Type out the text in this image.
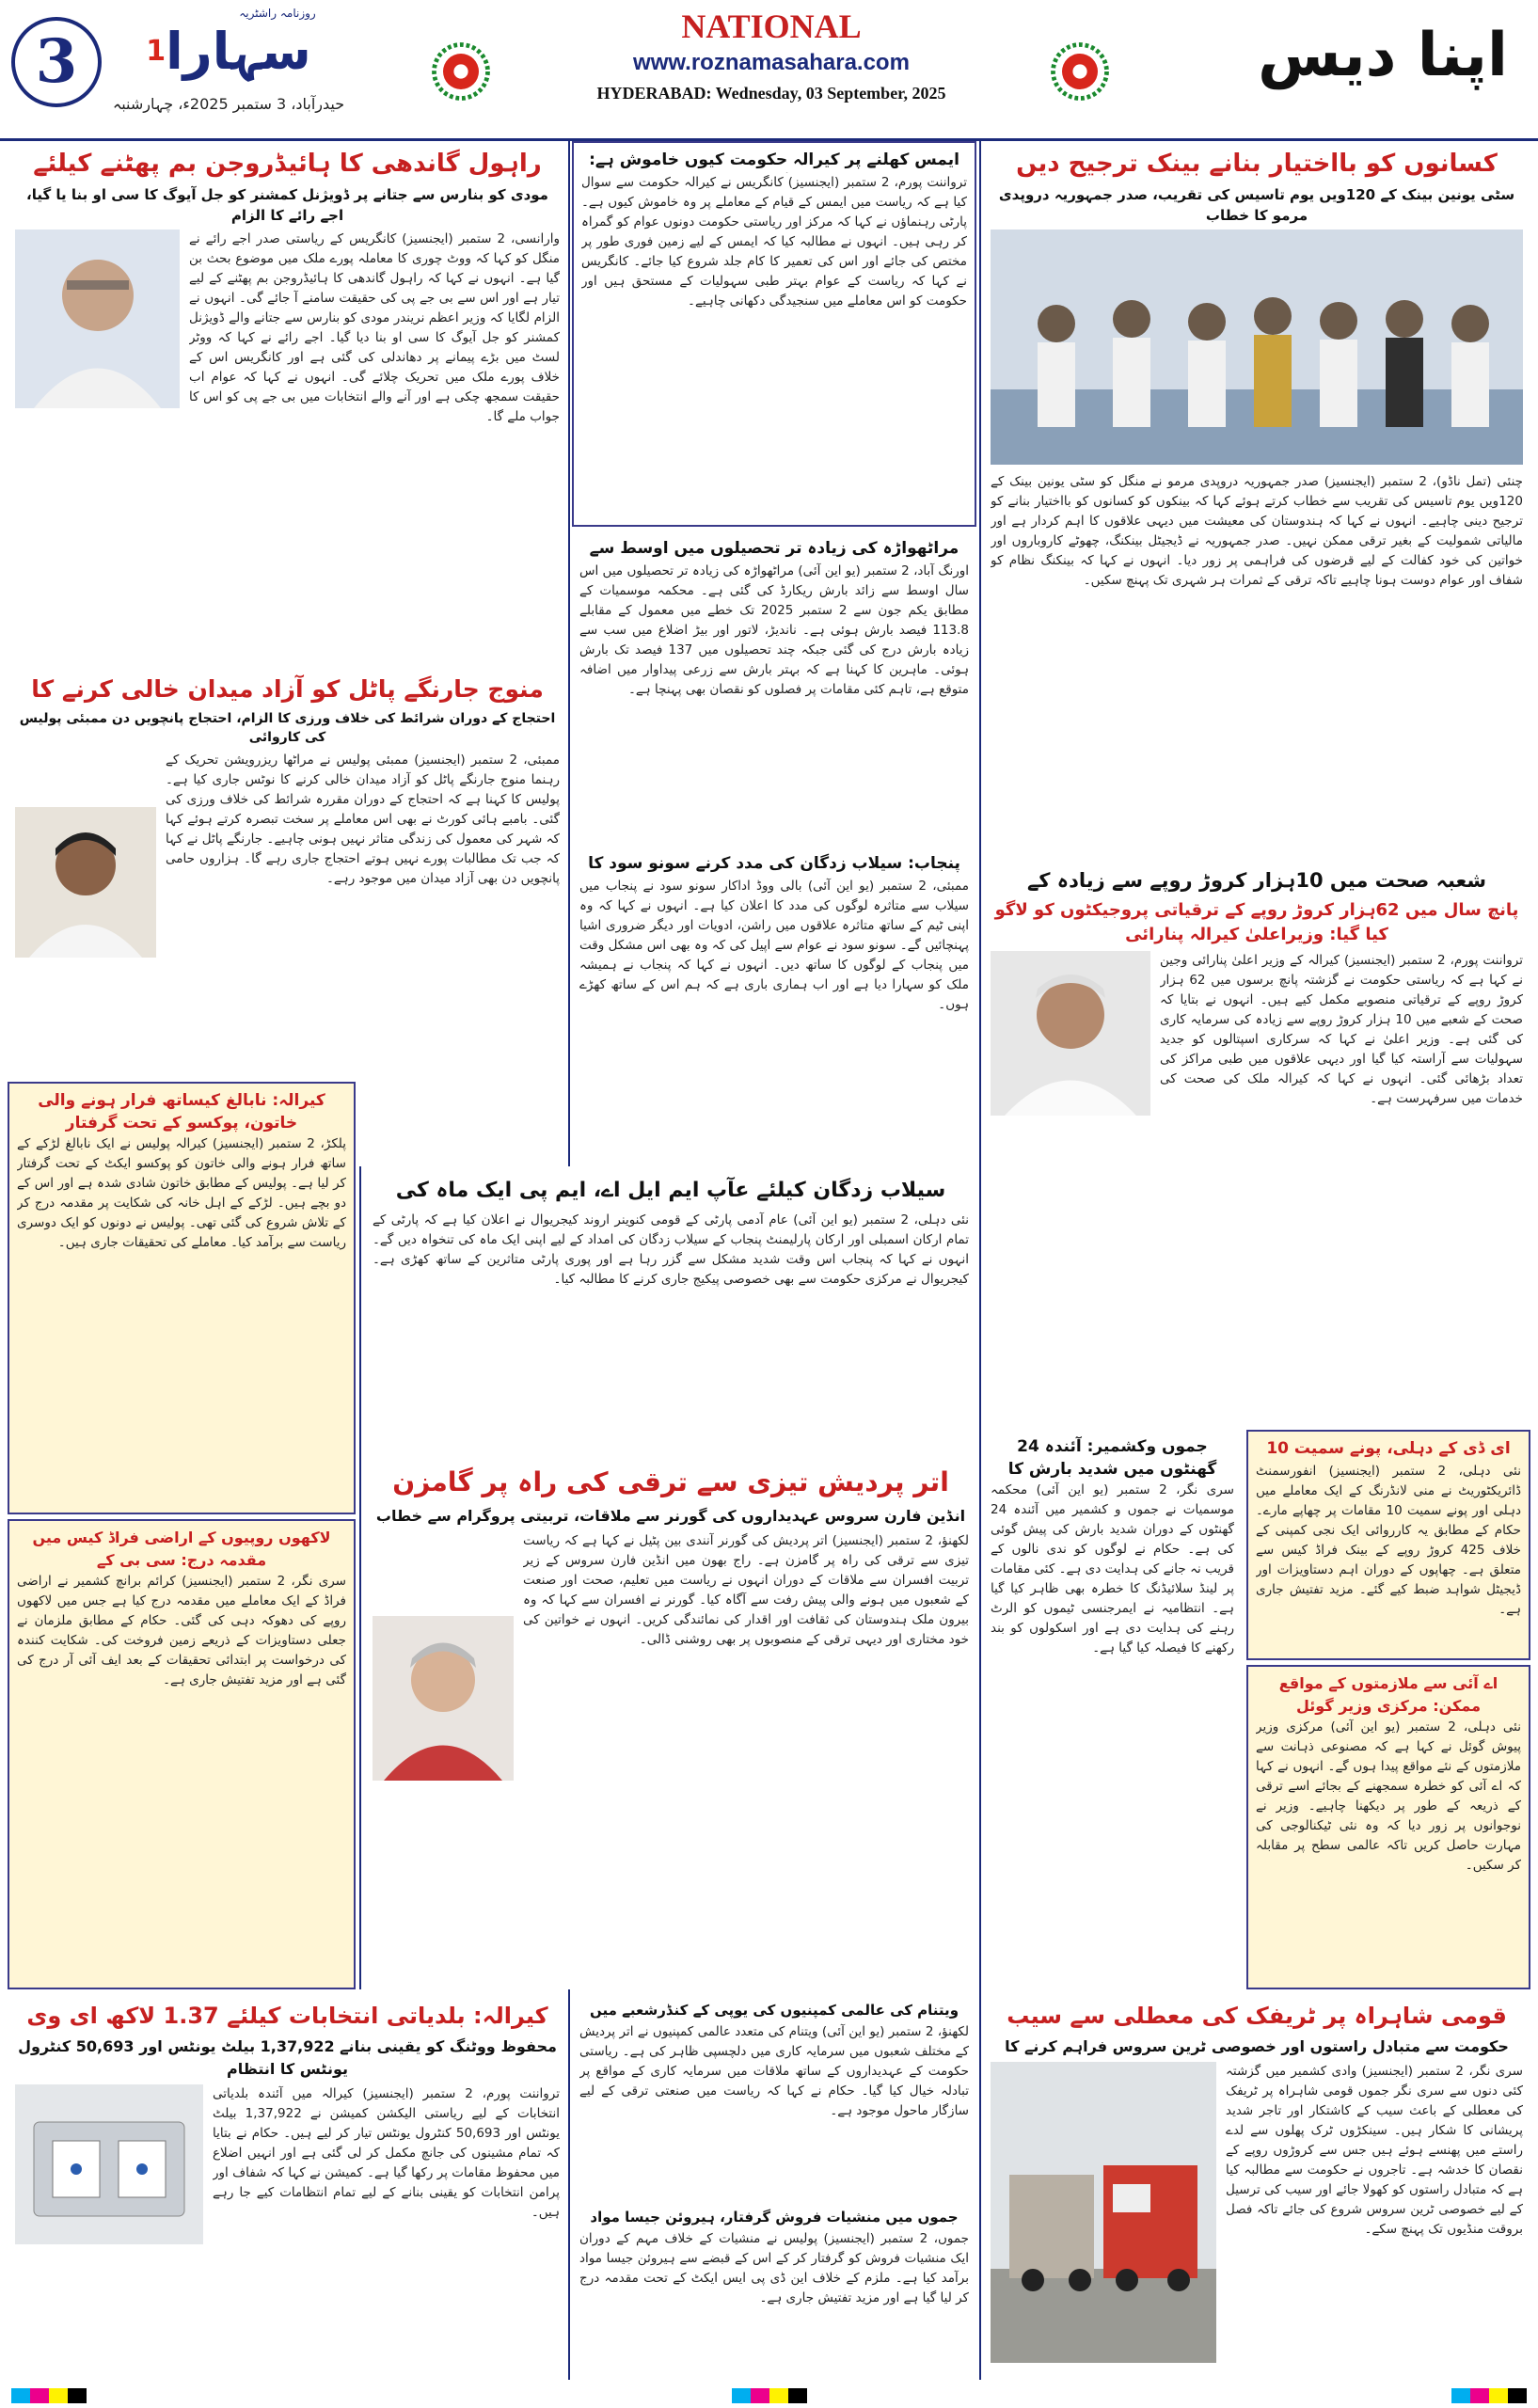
3	سہارا$^1$
روزنامہ راشٹریہ
حیدرآباد، 3 ستمبر 2025ء، چہارشنبہ
NATIONAL
www.roznamasahara.com
HYDERABAD: Wednesday, 03 September, 2025
اپنا دیس
راہول گاندھی کا ہائیڈروجن بم پھٹنے کیلئے
مودی کو بنارس سے جتانے پر ڈویژنل کمشنر کو جل آیوگ کا سی او بنا یا گیا، اجے رائے کا الزام
وارانسی، 2 ستمبر (ایجنسیز) کانگریس کے ریاستی صدر اجے رائے نے منگل کو کہا کہ ووٹ چوری کا معاملہ پورے ملک میں موضوع بحث بن گیا ہے۔ انہوں نے کہا کہ راہول گاندھی کا ہائیڈروجن بم پھٹنے کے لیے تیار ہے اور اس سے بی جے پی کی حقیقت سامنے آ جائے گی۔ انہوں نے الزام لگایا کہ وزیر اعظم نریندر مودی کو بنارس سے جتانے والے ڈویژنل کمشنر کو جل آیوگ کا سی او بنا دیا گیا۔ اجے رائے نے کہا کہ ووٹر لسٹ میں بڑے پیمانے پر دھاندلی کی گئی ہے اور کانگریس اس کے خلاف پورے ملک میں تحریک چلائے گی۔ انہوں نے کہا کہ عوام اب حقیقت سمجھ چکی ہے اور آنے والے انتخابات میں بی جے پی کو اس کا جواب ملے گا۔
منوج جارنگے پاٹل کو آزاد میدان خالی کرنے کا
احتجاج کے دوران شرائط کی خلاف ورزی کا الزام، احتجاج پانچویں دن ممبئی پولیس کی کاروائی
ممبئی، 2 ستمبر (ایجنسیز) ممبئی پولیس نے مراٹھا ریزرویشن تحریک کے رہنما منوج جارنگے پاٹل کو آزاد میدان خالی کرنے کا نوٹس جاری کیا ہے۔ پولیس کا کہنا ہے کہ احتجاج کے دوران مقررہ شرائط کی خلاف ورزی کی گئی۔ بامبے ہائی کورٹ نے بھی اس معاملے پر سخت تبصرہ کرتے ہوئے کہا کہ شہر کی معمول کی زندگی متاثر نہیں ہونی چاہیے۔ جارنگے پاٹل نے کہا کہ جب تک مطالبات پورے نہیں ہوتے احتجاج جاری رہے گا۔ ہزاروں حامی پانچویں دن بھی آزاد میدان میں موجود رہے۔
کیرالہ: نابالغ کیساتھ فرار ہونے والی خاتون، پوکسو کے تحت گرفتار
پلکڑ، 2 ستمبر (ایجنسیز) کیرالہ پولیس نے ایک نابالغ لڑکے کے ساتھ فرار ہونے والی خاتون کو پوکسو ایکٹ کے تحت گرفتار کر لیا ہے۔ پولیس کے مطابق خاتون شادی شدہ ہے اور اس کے دو بچے ہیں۔ لڑکے کے اہل خانہ کی شکایت پر مقدمہ درج کر کے تلاش شروع کی گئی تھی۔ پولیس نے دونوں کو ایک دوسری ریاست سے برآمد کیا۔ معاملے کی تحقیقات جاری ہیں۔
لاکھوں روپیوں کے اراضی فراڈ کیس میں مقدمہ درج: سی بی کے
سری نگر، 2 ستمبر (ایجنسیز) کرائم برانچ کشمیر نے اراضی فراڈ کے ایک معاملے میں مقدمہ درج کیا ہے جس میں لاکھوں روپے کی دھوکہ دہی کی گئی۔ حکام کے مطابق ملزمان نے جعلی دستاویزات کے ذریعے زمین فروخت کی۔ شکایت کنندہ کی درخواست پر ابتدائی تحقیقات کے بعد ایف آئی آر درج کی گئی ہے اور مزید تفتیش جاری ہے۔
کیرالہ: بلدیاتی انتخابات کیلئے 1.37 لاکھ ای وی
محفوظ ووٹنگ کو یقینی بنانے 1,37,922 بیلٹ یونٹس اور 50,693 کنٹرول یونٹس کا انتظام
ترواننت پورم، 2 ستمبر (ایجنسیز) کیرالہ میں آئندہ بلدیاتی انتخابات کے لیے ریاستی الیکشن کمیشن نے 1,37,922 بیلٹ یونٹس اور 50,693 کنٹرول یونٹس تیار کر لیے ہیں۔ حکام نے بتایا کہ تمام مشینوں کی جانچ مکمل کر لی گئی ہے اور انہیں اضلاع میں محفوظ مقامات پر رکھا گیا ہے۔ کمیشن نے کہا کہ شفاف اور پرامن انتخابات کو یقینی بنانے کے لیے تمام انتظامات کیے جا رہے ہیں۔
ایمس کھلنے پر کیرالہ حکومت کیوں خاموش ہے:
ترواننت پورم، 2 ستمبر (ایجنسیز) کانگریس نے کیرالہ حکومت سے سوال کیا ہے کہ ریاست میں ایمس کے قیام کے معاملے پر وہ خاموش کیوں ہے۔ پارٹی رہنماؤں نے کہا کہ مرکز اور ریاستی حکومت دونوں عوام کو گمراہ کر رہی ہیں۔ انہوں نے مطالبہ کیا کہ ایمس کے لیے زمین فوری طور پر مختص کی جائے اور اس کی تعمیر کا کام جلد شروع کیا جائے۔ کانگریس نے کہا کہ ریاست کے عوام بہتر طبی سہولیات کے مستحق ہیں اور حکومت کو اس معاملے میں سنجیدگی دکھانی چاہیے۔
مراٹھواڑہ کی زیادہ تر تحصیلوں میں اوسط سے
اورنگ آباد، 2 ستمبر (یو این آئی) مراٹھواڑہ کی زیادہ تر تحصیلوں میں اس سال اوسط سے زائد بارش ریکارڈ کی گئی ہے۔ محکمہ موسمیات کے مطابق یکم جون سے 2 ستمبر 2025 تک خطے میں معمول کے مقابلے 113.8 فیصد بارش ہوئی ہے۔ ناندیڑ، لاتور اور بیڑ اضلاع میں سب سے زیادہ بارش درج کی گئی جبکہ چند تحصیلوں میں 137 فیصد تک بارش ہوئی۔ ماہرین کا کہنا ہے کہ بہتر بارش سے زرعی پیداوار میں اضافہ متوقع ہے، تاہم کئی مقامات پر فصلوں کو نقصان بھی پہنچا ہے۔
پنجاب: سیلاب زدگان کی مدد کرنے سونو سود کا
ممبئی، 2 ستمبر (یو این آئی) بالی ووڈ اداکار سونو سود نے پنجاب میں سیلاب سے متاثرہ لوگوں کی مدد کا اعلان کیا ہے۔ انہوں نے کہا کہ وہ اپنی ٹیم کے ساتھ متاثرہ علاقوں میں راشن، ادویات اور دیگر ضروری اشیا پہنچائیں گے۔ سونو سود نے عوام سے اپیل کی کہ وہ بھی اس مشکل وقت میں پنجاب کے لوگوں کا ساتھ دیں۔ انہوں نے کہا کہ پنجاب نے ہمیشہ ملک کو سہارا دیا ہے اور اب ہماری باری ہے کہ ہم اس کے ساتھ کھڑے ہوں۔
سیلاب زدگان کیلئے عآپ ایم ایل اے، ایم پی ایک ماہ کی
نئی دہلی، 2 ستمبر (یو این آئی) عام آدمی پارٹی کے قومی کنوینر اروند کیجریوال نے اعلان کیا ہے کہ پارٹی کے تمام ارکان اسمبلی اور ارکان پارلیمنٹ پنجاب کے سیلاب زدگان کی امداد کے لیے اپنی ایک ماہ کی تنخواہ دیں گے۔ انہوں نے کہا کہ پنجاب اس وقت شدید مشکل سے گزر رہا ہے اور پوری پارٹی متاثرین کے ساتھ کھڑی ہے۔ کیجریوال نے مرکزی حکومت سے بھی خصوصی پیکیج جاری کرنے کا مطالبہ کیا۔
اتر پردیش تیزی سے ترقی کی راہ پر گامزن
انڈین فارن سروس عہدیداروں کی گورنر سے ملاقات، تربیتی پروگرام سے خطاب
لکھنؤ، 2 ستمبر (ایجنسیز) اتر پردیش کی گورنر آنندی بین پٹیل نے کہا ہے کہ ریاست تیزی سے ترقی کی راہ پر گامزن ہے۔ راج بھون میں انڈین فارن سروس کے زیر تربیت افسران سے ملاقات کے دوران انہوں نے ریاست میں تعلیم، صحت اور صنعت کے شعبوں میں ہونے والی پیش رفت سے آگاہ کیا۔ گورنر نے افسران سے کہا کہ وہ بیرون ملک ہندوستان کی ثقافت اور اقدار کی نمائندگی کریں۔ انہوں نے خواتین کی خود مختاری اور دیہی ترقی کے منصوبوں پر بھی روشنی ڈالی۔
ویتنام کی عالمی کمپنیوں کی یوپی کے کنڈرشعبے میں
لکھنؤ، 2 ستمبر (یو این آئی) ویتنام کی متعدد عالمی کمپنیوں نے اتر پردیش کے مختلف شعبوں میں سرمایہ کاری میں دلچسپی ظاہر کی ہے۔ ریاستی حکومت کے عہدیداروں کے ساتھ ملاقات میں سرمایہ کاری کے مواقع پر تبادلہ خیال کیا گیا۔ حکام نے کہا کہ ریاست میں صنعتی ترقی کے لیے سازگار ماحول موجود ہے۔
جموں میں منشیات فروش گرفتار، ہیروئن جیسا مواد
جموں، 2 ستمبر (ایجنسیز) پولیس نے منشیات کے خلاف مہم کے دوران ایک منشیات فروش کو گرفتار کر کے اس کے قبضے سے ہیروئن جیسا مواد برآمد کیا ہے۔ ملزم کے خلاف این ڈی پی ایس ایکٹ کے تحت مقدمہ درج کر لیا گیا ہے اور مزید تفتیش جاری ہے۔
کسانوں کو بااختیار بنانے بینک ترجیح دیں
سٹی یونین بینک کے 120ویں یوم تاسیس کی تقریب، صدر جمہوریہ دروپدی مرمو کا خطاب
چنئی (تمل ناڈو)، 2 ستمبر (ایجنسیز) صدر جمہوریہ دروپدی مرمو نے منگل کو سٹی یونین بینک کے 120ویں یوم تاسیس کی تقریب سے خطاب کرتے ہوئے کہا کہ بینکوں کو کسانوں کو بااختیار بنانے کو ترجیح دینی چاہیے۔ انہوں نے کہا کہ ہندوستان کی معیشت میں دیہی علاقوں کا اہم کردار ہے اور مالیاتی شمولیت کے بغیر ترقی ممکن نہیں۔ صدر جمہوریہ نے ڈیجیٹل بینکنگ، چھوٹے کاروباروں اور خواتین کی خود کفالت کے لیے قرضوں کی فراہمی پر زور دیا۔ انہوں نے کہا کہ بینکنگ نظام کو شفاف اور عوام دوست ہونا چاہیے تاکہ ترقی کے ثمرات ہر شہری تک پہنچ سکیں۔
شعبہ صحت میں 10ہزار کروڑ روپے سے زیادہ کے
پانچ سال میں 62ہزار کروڑ روپے کے ترقیاتی پروجیکٹوں کو لاگو کیا گیا: وزیراعلیٰ کیرالہ پنارائی
ترواننت پورم، 2 ستمبر (ایجنسیز) کیرالہ کے وزیر اعلیٰ پنارائی وجین نے کہا ہے کہ ریاستی حکومت نے گزشتہ پانچ برسوں میں 62 ہزار کروڑ روپے کے ترقیاتی منصوبے مکمل کیے ہیں۔ انہوں نے بتایا کہ صحت کے شعبے میں 10 ہزار کروڑ روپے سے زیادہ کی سرمایہ کاری کی گئی ہے۔ وزیر اعلیٰ نے کہا کہ سرکاری اسپتالوں کو جدید سہولیات سے آراستہ کیا گیا اور دیہی علاقوں میں طبی مراکز کی تعداد بڑھائی گئی۔ انہوں نے کہا کہ کیرالہ ملک کی صحت کی خدمات میں سرفہرست ہے۔
جموں وکشمیر: آئندہ 24 گھنٹوں میں شدید بارش کا
سری نگر، 2 ستمبر (یو این آئی) محکمہ موسمیات نے جموں و کشمیر میں آئندہ 24 گھنٹوں کے دوران شدید بارش کی پیش گوئی کی ہے۔ حکام نے لوگوں کو ندی نالوں کے قریب نہ جانے کی ہدایت دی ہے۔ کئی مقامات پر لینڈ سلائیڈنگ کا خطرہ بھی ظاہر کیا گیا ہے۔ انتظامیہ نے ایمرجنسی ٹیموں کو الرٹ رہنے کی ہدایت دی ہے اور اسکولوں کو بند رکھنے کا فیصلہ کیا گیا ہے۔
ای ڈی کے دہلی، پونے سمیت 10
نئی دہلی، 2 ستمبر (ایجنسیز) انفورسمنٹ ڈائریکٹوریٹ نے منی لانڈرنگ کے ایک معاملے میں دہلی اور پونے سمیت 10 مقامات پر چھاپے مارے۔ حکام کے مطابق یہ کارروائی ایک نجی کمپنی کے خلاف 425 کروڑ روپے کے بینک فراڈ کیس سے متعلق ہے۔ چھاپوں کے دوران اہم دستاویزات اور ڈیجیٹل شواہد ضبط کیے گئے۔ مزید تفتیش جاری ہے۔
اے آئی سے ملازمتوں کے مواقع ممکن: مرکزی وزیر گوئل
نئی دہلی، 2 ستمبر (یو این آئی) مرکزی وزیر پیوش گوئل نے کہا ہے کہ مصنوعی ذہانت سے ملازمتوں کے نئے مواقع پیدا ہوں گے۔ انہوں نے کہا کہ اے آئی کو خطرہ سمجھنے کے بجائے اسے ترقی کے ذریعہ کے طور پر دیکھنا چاہیے۔ وزیر نے نوجوانوں پر زور دیا کہ وہ نئی ٹیکنالوجی کی مہارت حاصل کریں تاکہ عالمی سطح پر مقابلہ کر سکیں۔
قومی شاہراہ پر ٹریفک کی معطلی سے سیب
حکومت سے متبادل راستوں اور خصوصی ٹرین سروس فراہم کرنے کا
سری نگر، 2 ستمبر (ایجنسیز) وادی کشمیر میں گزشتہ کئی دنوں سے سری نگر جموں قومی شاہراہ پر ٹریفک کی معطلی کے باعث سیب کے کاشتکار اور تاجر شدید پریشانی کا شکار ہیں۔ سینکڑوں ٹرک پھلوں سے لدے راستے میں پھنسے ہوئے ہیں جس سے کروڑوں روپے کے نقصان کا خدشہ ہے۔ تاجروں نے حکومت سے مطالبہ کیا ہے کہ متبادل راستوں کو کھولا جائے اور سیب کی ترسیل کے لیے خصوصی ٹرین سروس شروع کی جائے تاکہ فصل بروقت منڈیوں تک پہنچ سکے۔
